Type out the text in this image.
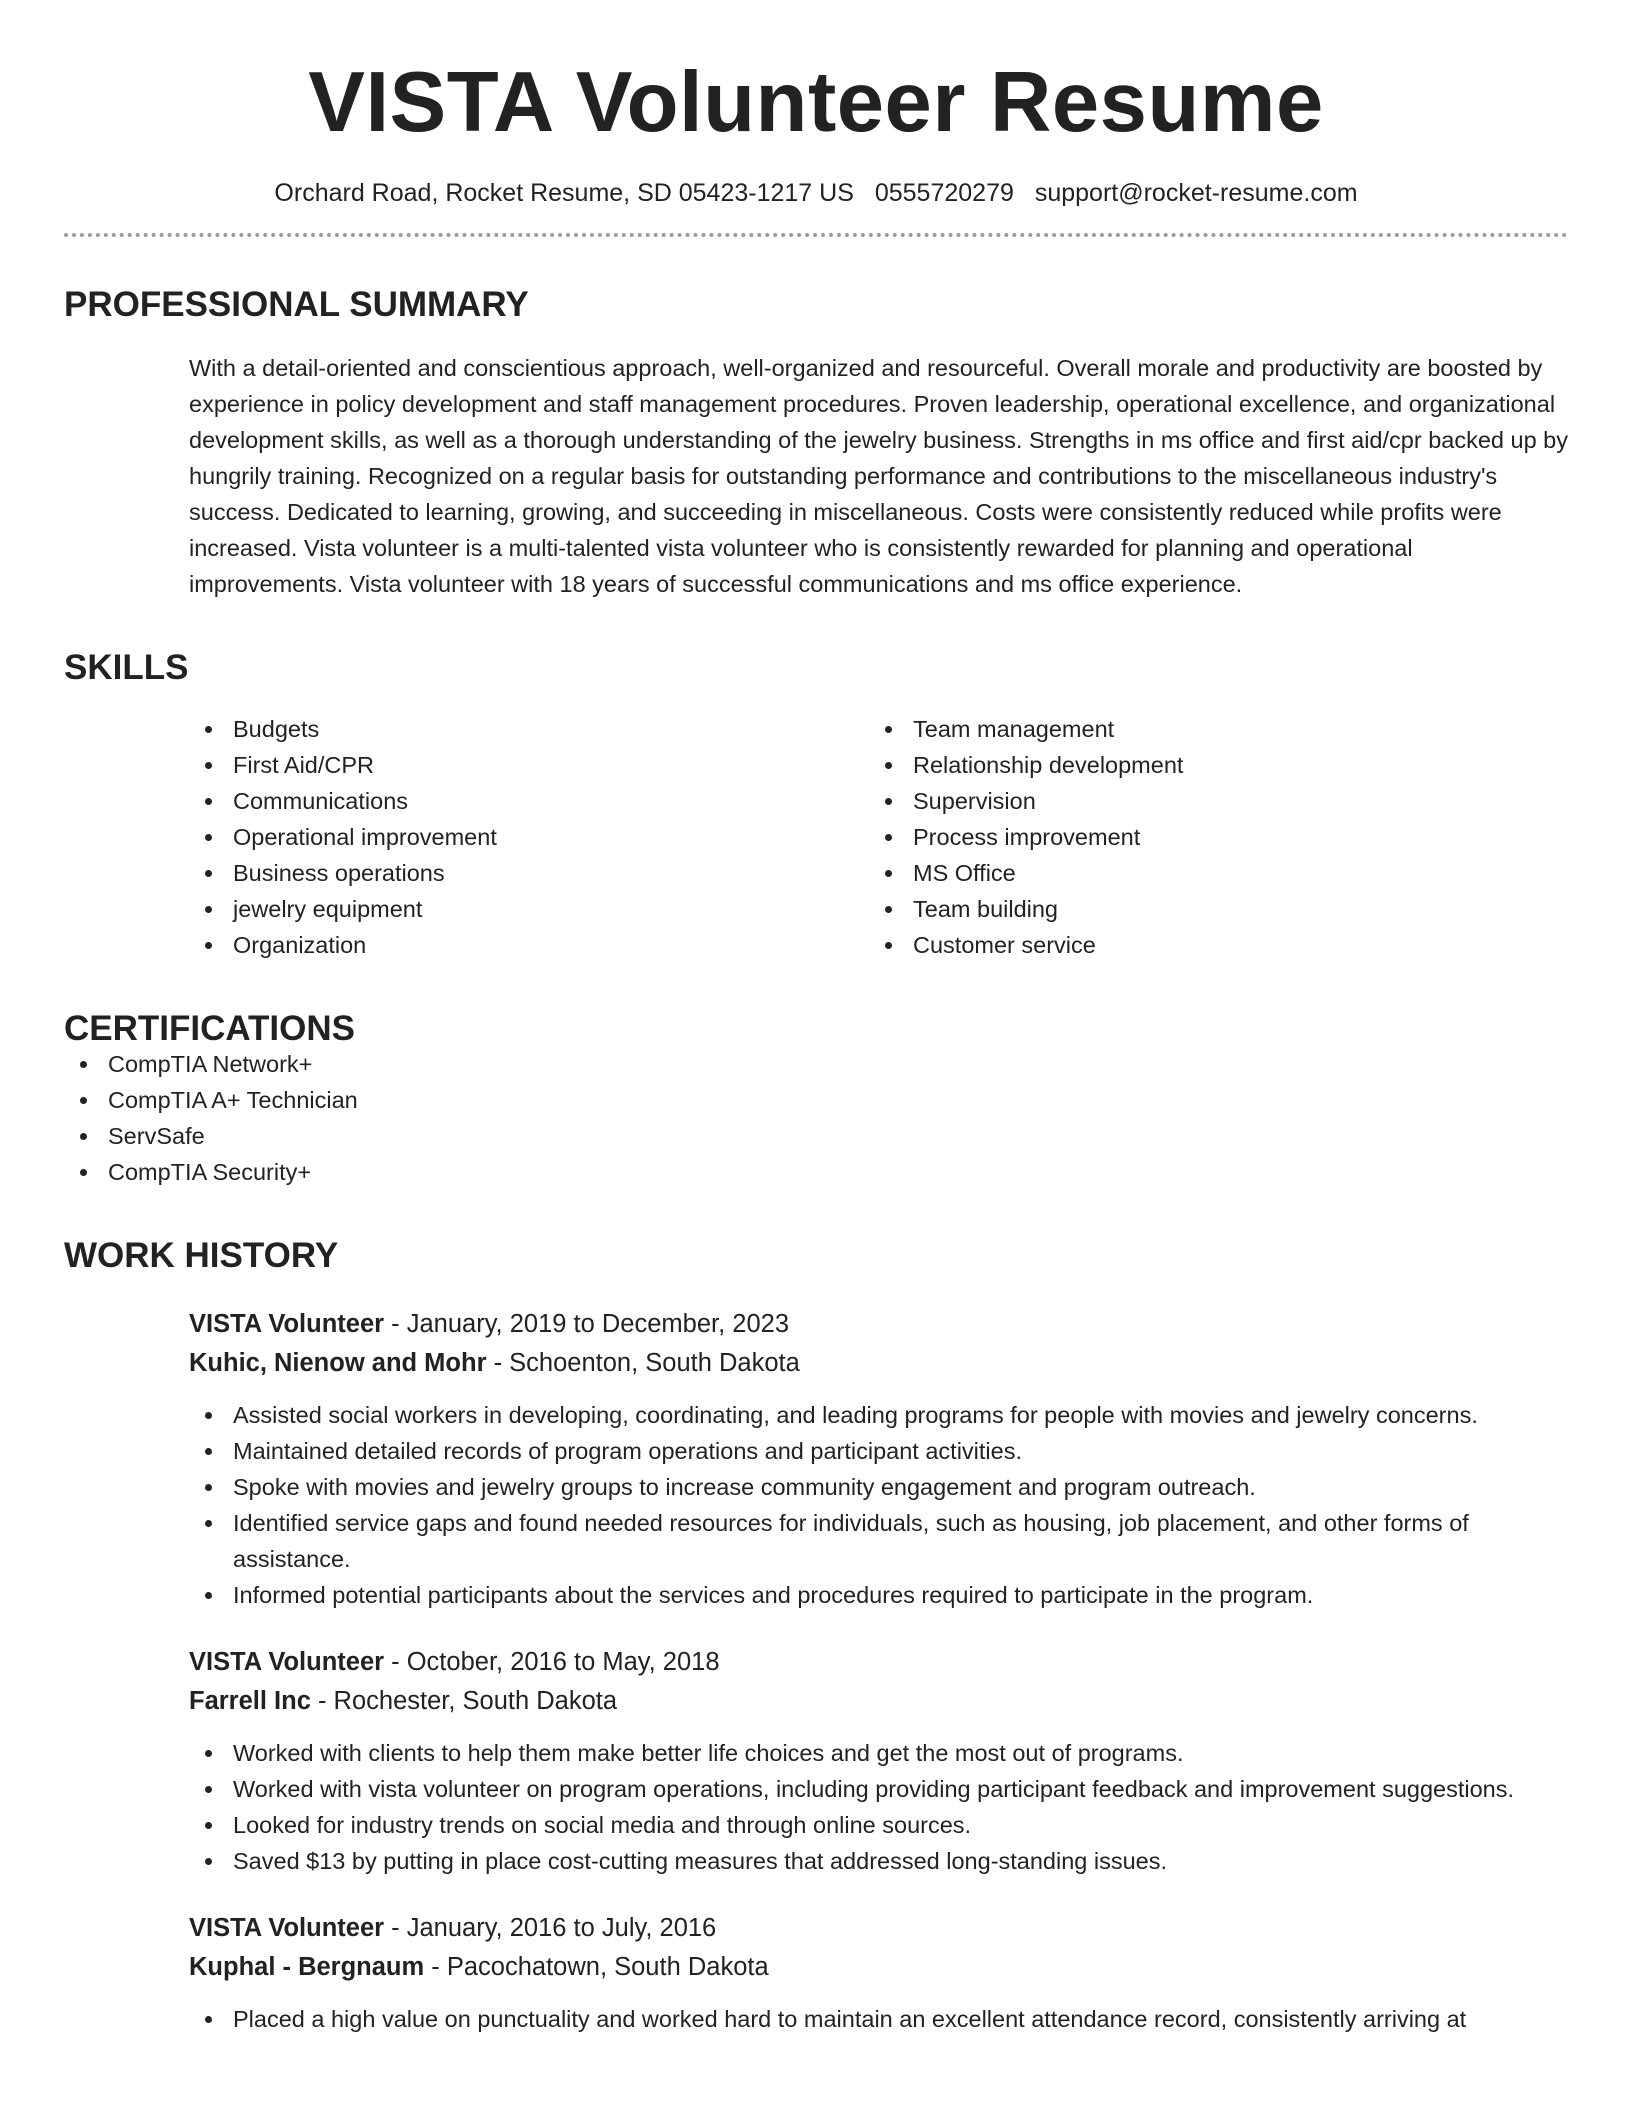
VISTA Volunteer Resume
Orchard Road, Rocket Resume, SD 05423-1217 US 0555720279 support@rocket-resume.com
PROFESSIONAL SUMMARY

With a detail-oriented and conscientious approach, well-organized and resourceful. Overall morale and productivity are boosted by experience in policy development and staff management procedures. Proven leadership, operational excellence, and organizational development skills, as well as a thorough understanding of the jewelry business. Strengths in ms office and first aid/cpr backed up by hungrily training. Recognized on a regular basis for outstanding performance and contributions to the miscellaneous industry's success. Dedicated to learning, growing, and succeeding in miscellaneous. Costs were consistently reduced while profits were increased. Vista volunteer is a multi-talented vista volunteer who is consistently rewarded for planning and operational improvements. Vista volunteer with 18 years of successful communications and ms office experience.

SKILLS
Budgets
First Aid/CPR
Communications
Operational improvement
Business operations
jewelry equipment
Organization
Team management
Relationship development
Supervision
Process improvement
MS Office
Team building
Customer service
CERTIFICATIONS
CompTIA Network+
CompTIA A+ Technician
ServSafe
CompTIA Security+
WORK HISTORY
VISTA Volunteer - January, 2019 to December, 2023
Kuhic, Nienow and Mohr - Schoenton, South Dakota
Assisted social workers in developing, coordinating, and leading programs for people with movies and jewelry concerns.
Maintained detailed records of program operations and participant activities.
Spoke with movies and jewelry groups to increase community engagement and program outreach.
Identified service gaps and found needed resources for individuals, such as housing, job placement, and other forms of assistance.
Informed potential participants about the services and procedures required to participate in the program.
VISTA Volunteer - October, 2016 to May, 2018
Farrell Inc - Rochester, South Dakota
Worked with clients to help them make better life choices and get the most out of programs.
Worked with vista volunteer on program operations, including providing participant feedback and improvement suggestions.
Looked for industry trends on social media and through online sources.
Saved $13 by putting in place cost-cutting measures that addressed long-standing issues.
VISTA Volunteer - January, 2016 to July, 2016
Kuphal - Bergnaum - Pacochatown, South Dakota
Placed a high value on punctuality and worked hard to maintain an excellent attendance record, consistently arriving at
